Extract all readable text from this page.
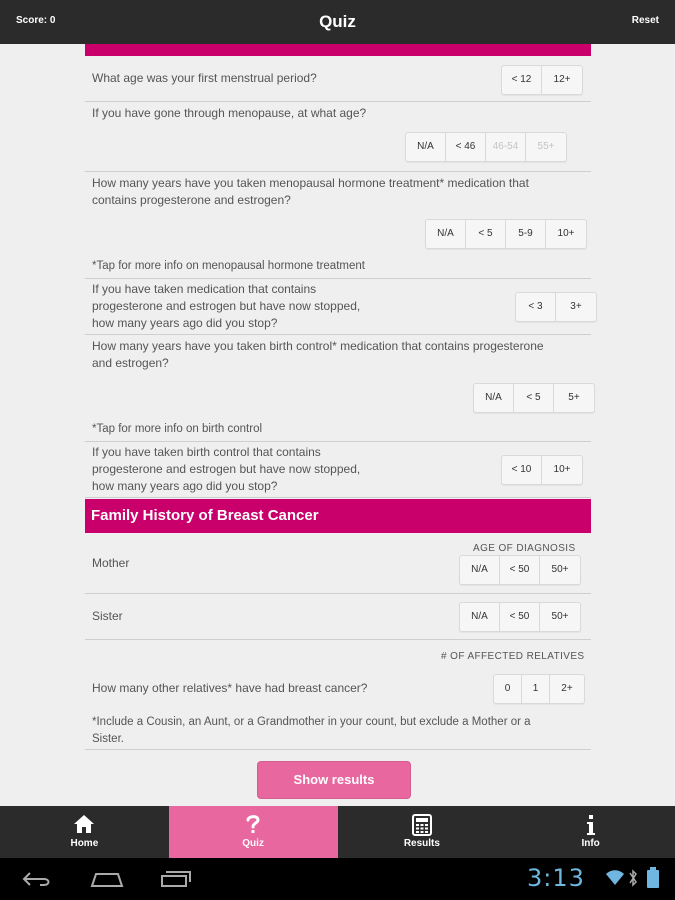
Score: 0	Quiz	Reset
What age was your first menstrual period?	< 12	12+
If you have gone through menopause, at what age?
N/A	< 46	46-54	55+
How many years have you taken menopausal hormone treatment* medication that
contains progesterone and estrogen?
N/A	< 5	5-9	10+
*Tap for more info on menopausal hormone treatment
If you have taken medication that contains
progesterone and estrogen but have now stopped,
how many years ago did you stop?
< 3	3+
How many years have you taken birth control* medication that contains progesterone
and estrogen?
N/A	< 5	5+
*Tap for more info on birth control
If you have taken birth control that contains
progesterone and estrogen but have now stopped,
how many years ago did you stop?
< 10	10+
Family History of Breast Cancer
AGE OF DIAGNOSIS
Mother	N/A	< 50	50+
Sister	N/A	< 50	50+
# OF AFFECTED RELATIVES
How many other relatives* have had breast cancer?	0	1	2+
*Include a Cousin, an Aunt, or a Grandmother in your count, but exclude a Mother or a
Sister.
Show results
Home	Quiz	Results	Info
3:13
